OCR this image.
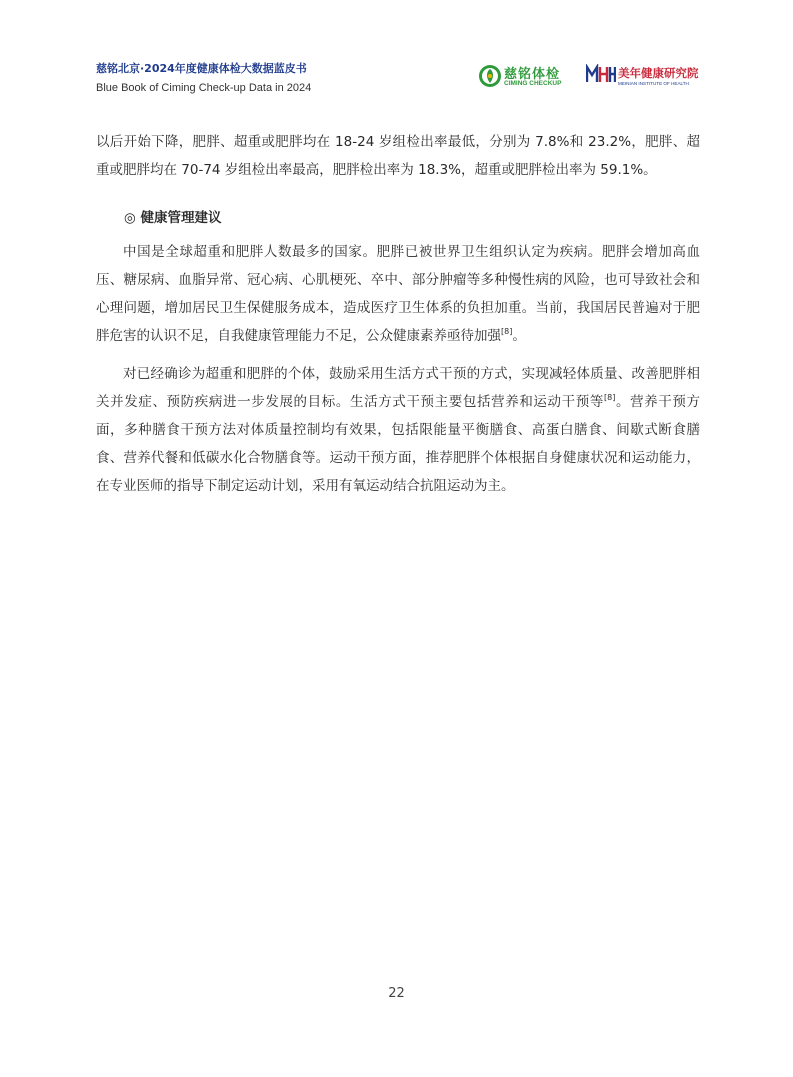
慈铭北京·2024年度健康体检大数据蓝皮书
Blue Book of Ciming Check-up Data in 2024
慈铭体检
CIMING CHECKUP
美年健康研究院
MEINIAN INSTITUTE OF HEALTH

以后开始下降，肥胖、超重或肥胖均在 18-24 岁组检出率最低，分别为 7.8%和 23.2%，肥胖、超重或肥胖均在 70-74 岁组检出率最高，肥胖检出率为 18.3%，超重或肥胖检出率为 59.1%。

◎ 健康管理建议

中国是全球超重和肥胖人数最多的国家。肥胖已被世界卫生组织认定为疾病。肥胖会增加高血压、糖尿病、血脂异常、冠心病、心肌梗死、卒中、部分肿瘤等多种慢性病的风险，也可导致社会和心理问题，增加居民卫生保健服务成本，造成医疗卫生体系的负担加重。当前，我国居民普遍对于肥胖危害的认识不足，自我健康管理能力不足，公众健康素养亟待加强[8]。

对已经确诊为超重和肥胖的个体，鼓励采用生活方式干预的方式，实现减轻体质量、改善肥胖相关并发症、预防疾病进一步发展的目标。生活方式干预主要包括营养和运动干预等[8]。营养干预方面，多种膳食干预方法对体质量控制均有效果，包括限能量平衡膳食、高蛋白膳食、间歇式断食膳食、营养代餐和低碳水化合物膳食等。运动干预方面，推荐肥胖个体根据自身健康状况和运动能力，在专业医师的指导下制定运动计划，采用有氧运动结合抗阻运动为主。

22
